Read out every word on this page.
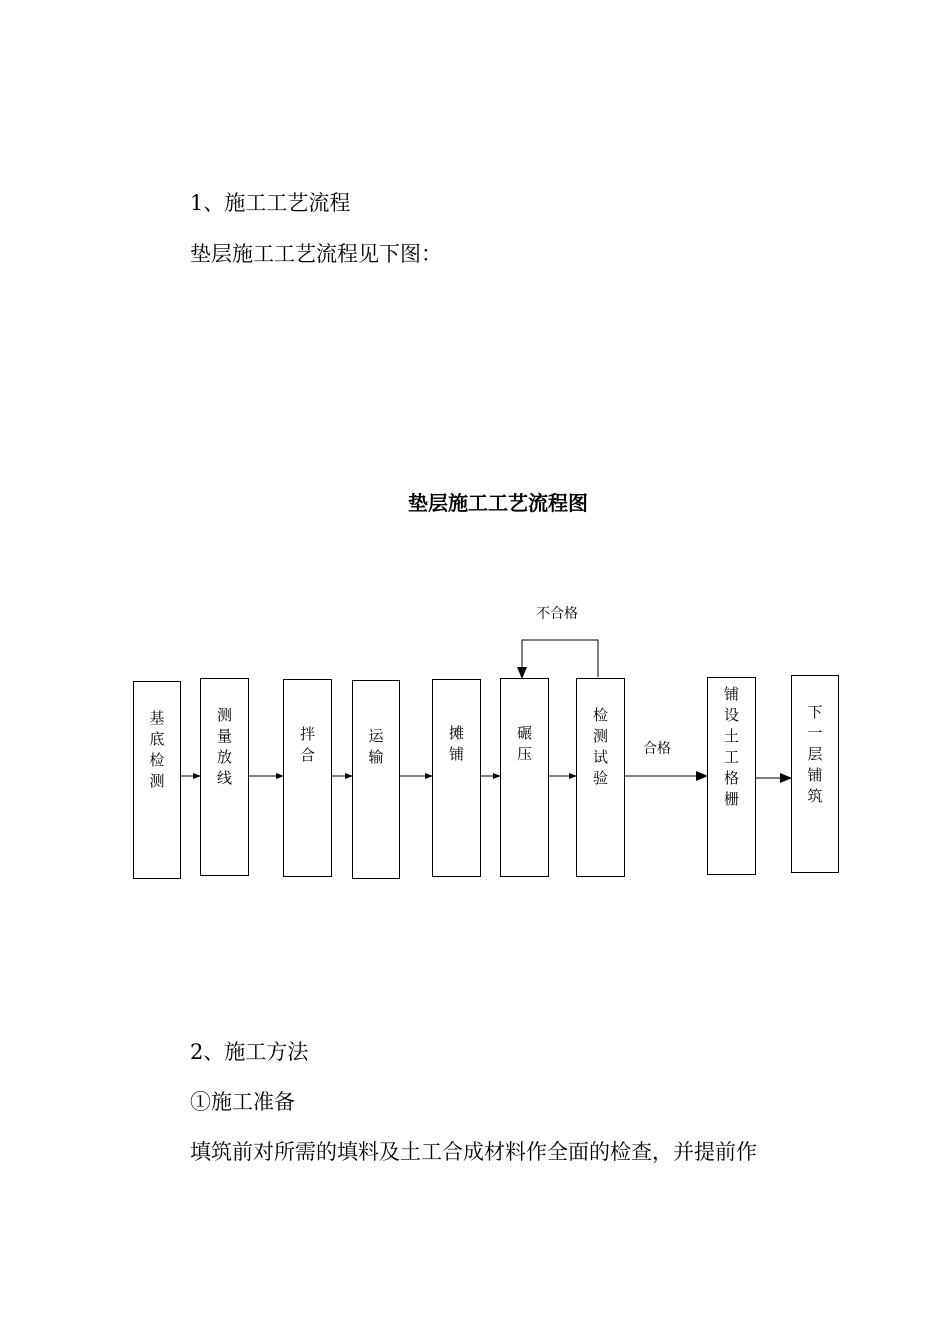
1、施工工艺流程
垫层施工工艺流程见下图：
垫层施工工艺流程图
基
底
检
测
测
量
放
线
拌
合
运
输
摊
铺
碾
压
检
测
试
验
铺
设
土
工
格
栅
下
一
层
铺
筑
不合格
合格
2、施工方法
①施工准备
填筑前对所需的填料及土工合成材料作全面的检查，并提前作
